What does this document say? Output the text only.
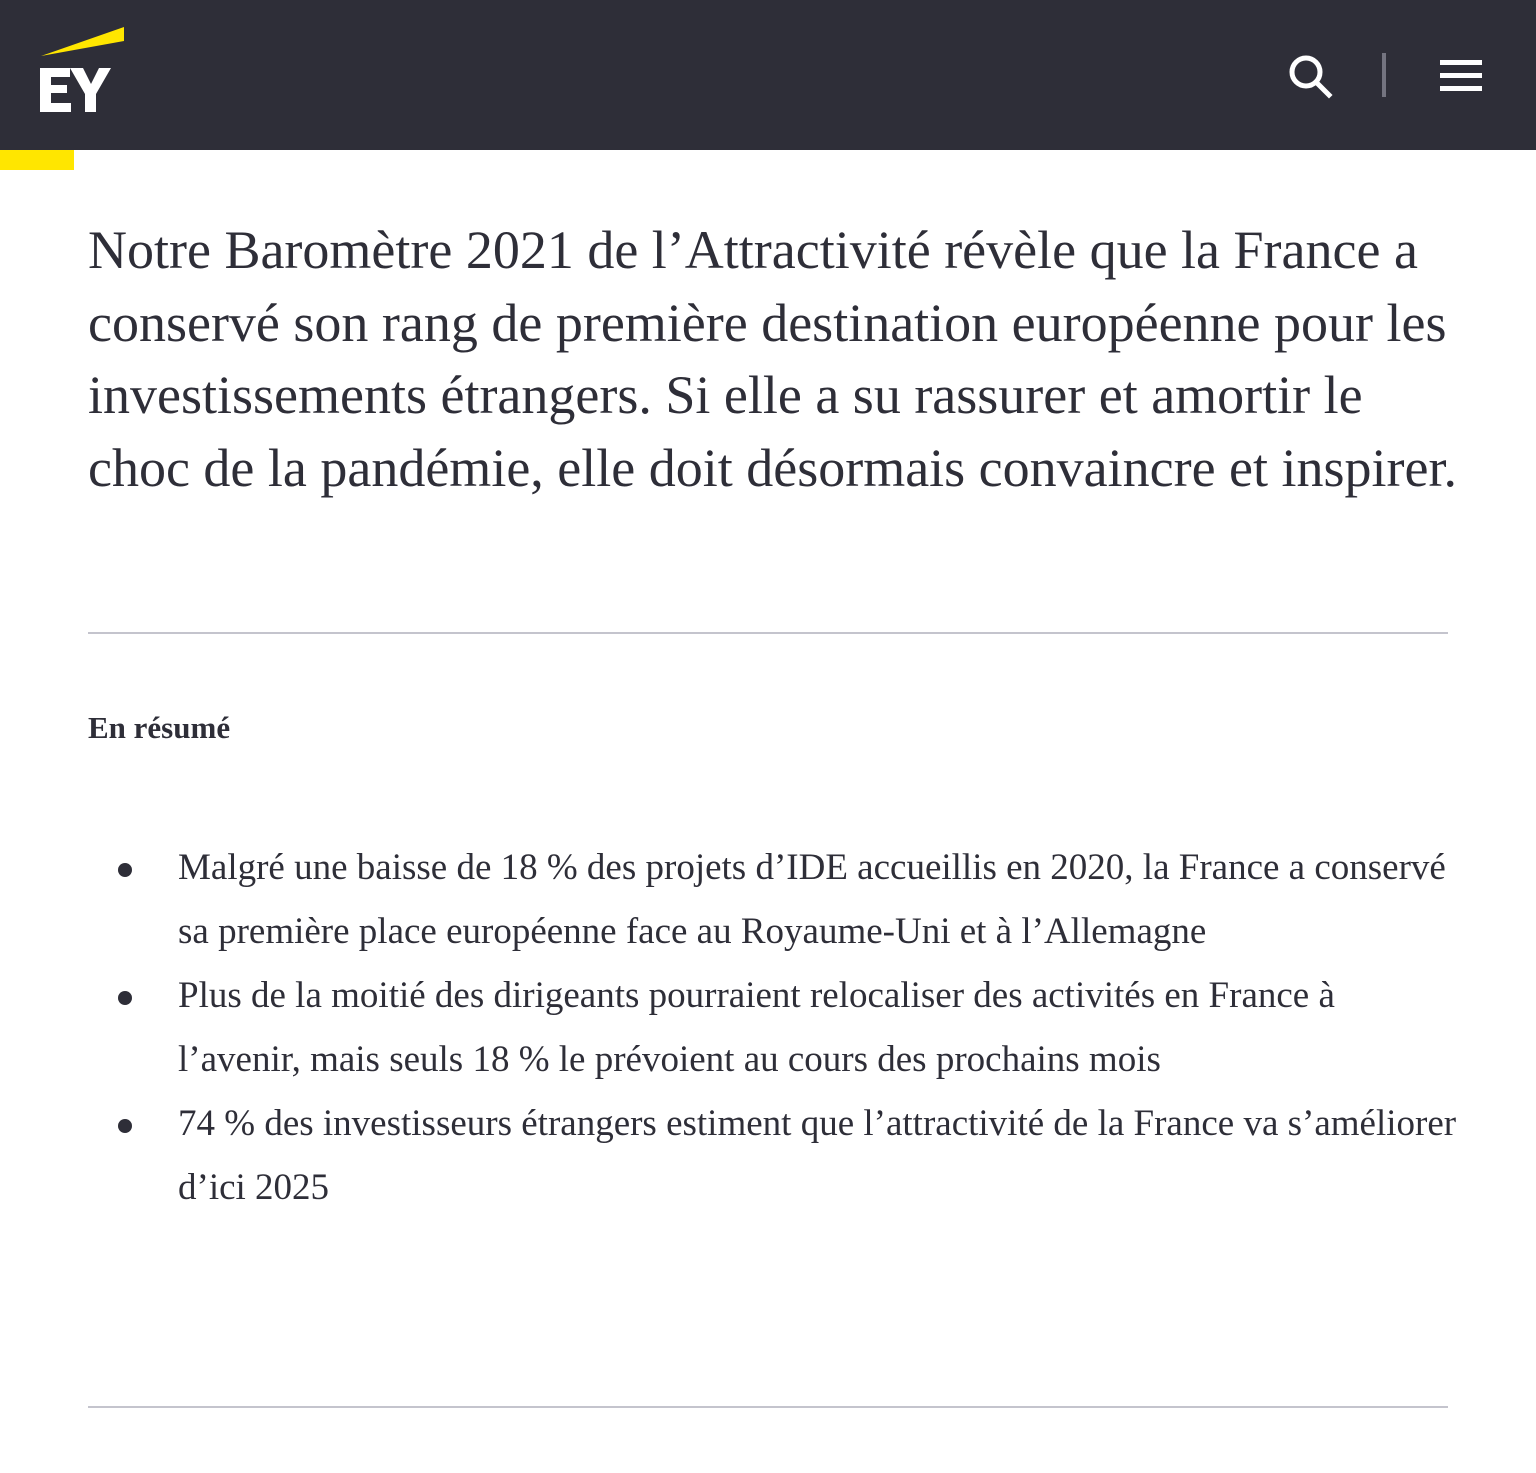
Notre Baromètre 2021 de l’Attractivité révèle que la France a conservé son rang de première destination européenne pour les investissements étrangers. Si elle a su rassurer et amortir le choc de la pandémie, elle doit désormais convaincre et inspirer.

En résumé
Malgré une baisse de 18 % des projets d’IDE accueillis en 2020, la France a conservé sa première place européenne face au Royaume-Uni et à l’Allemagne
Plus de la moitié des dirigeants pourraient relocaliser des activités en France à l’avenir, mais seuls 18 % le prévoient au cours des prochains mois
74 % des investisseurs étrangers estiment que l’attractivité de la France va s’améliorer d’ici 2025
